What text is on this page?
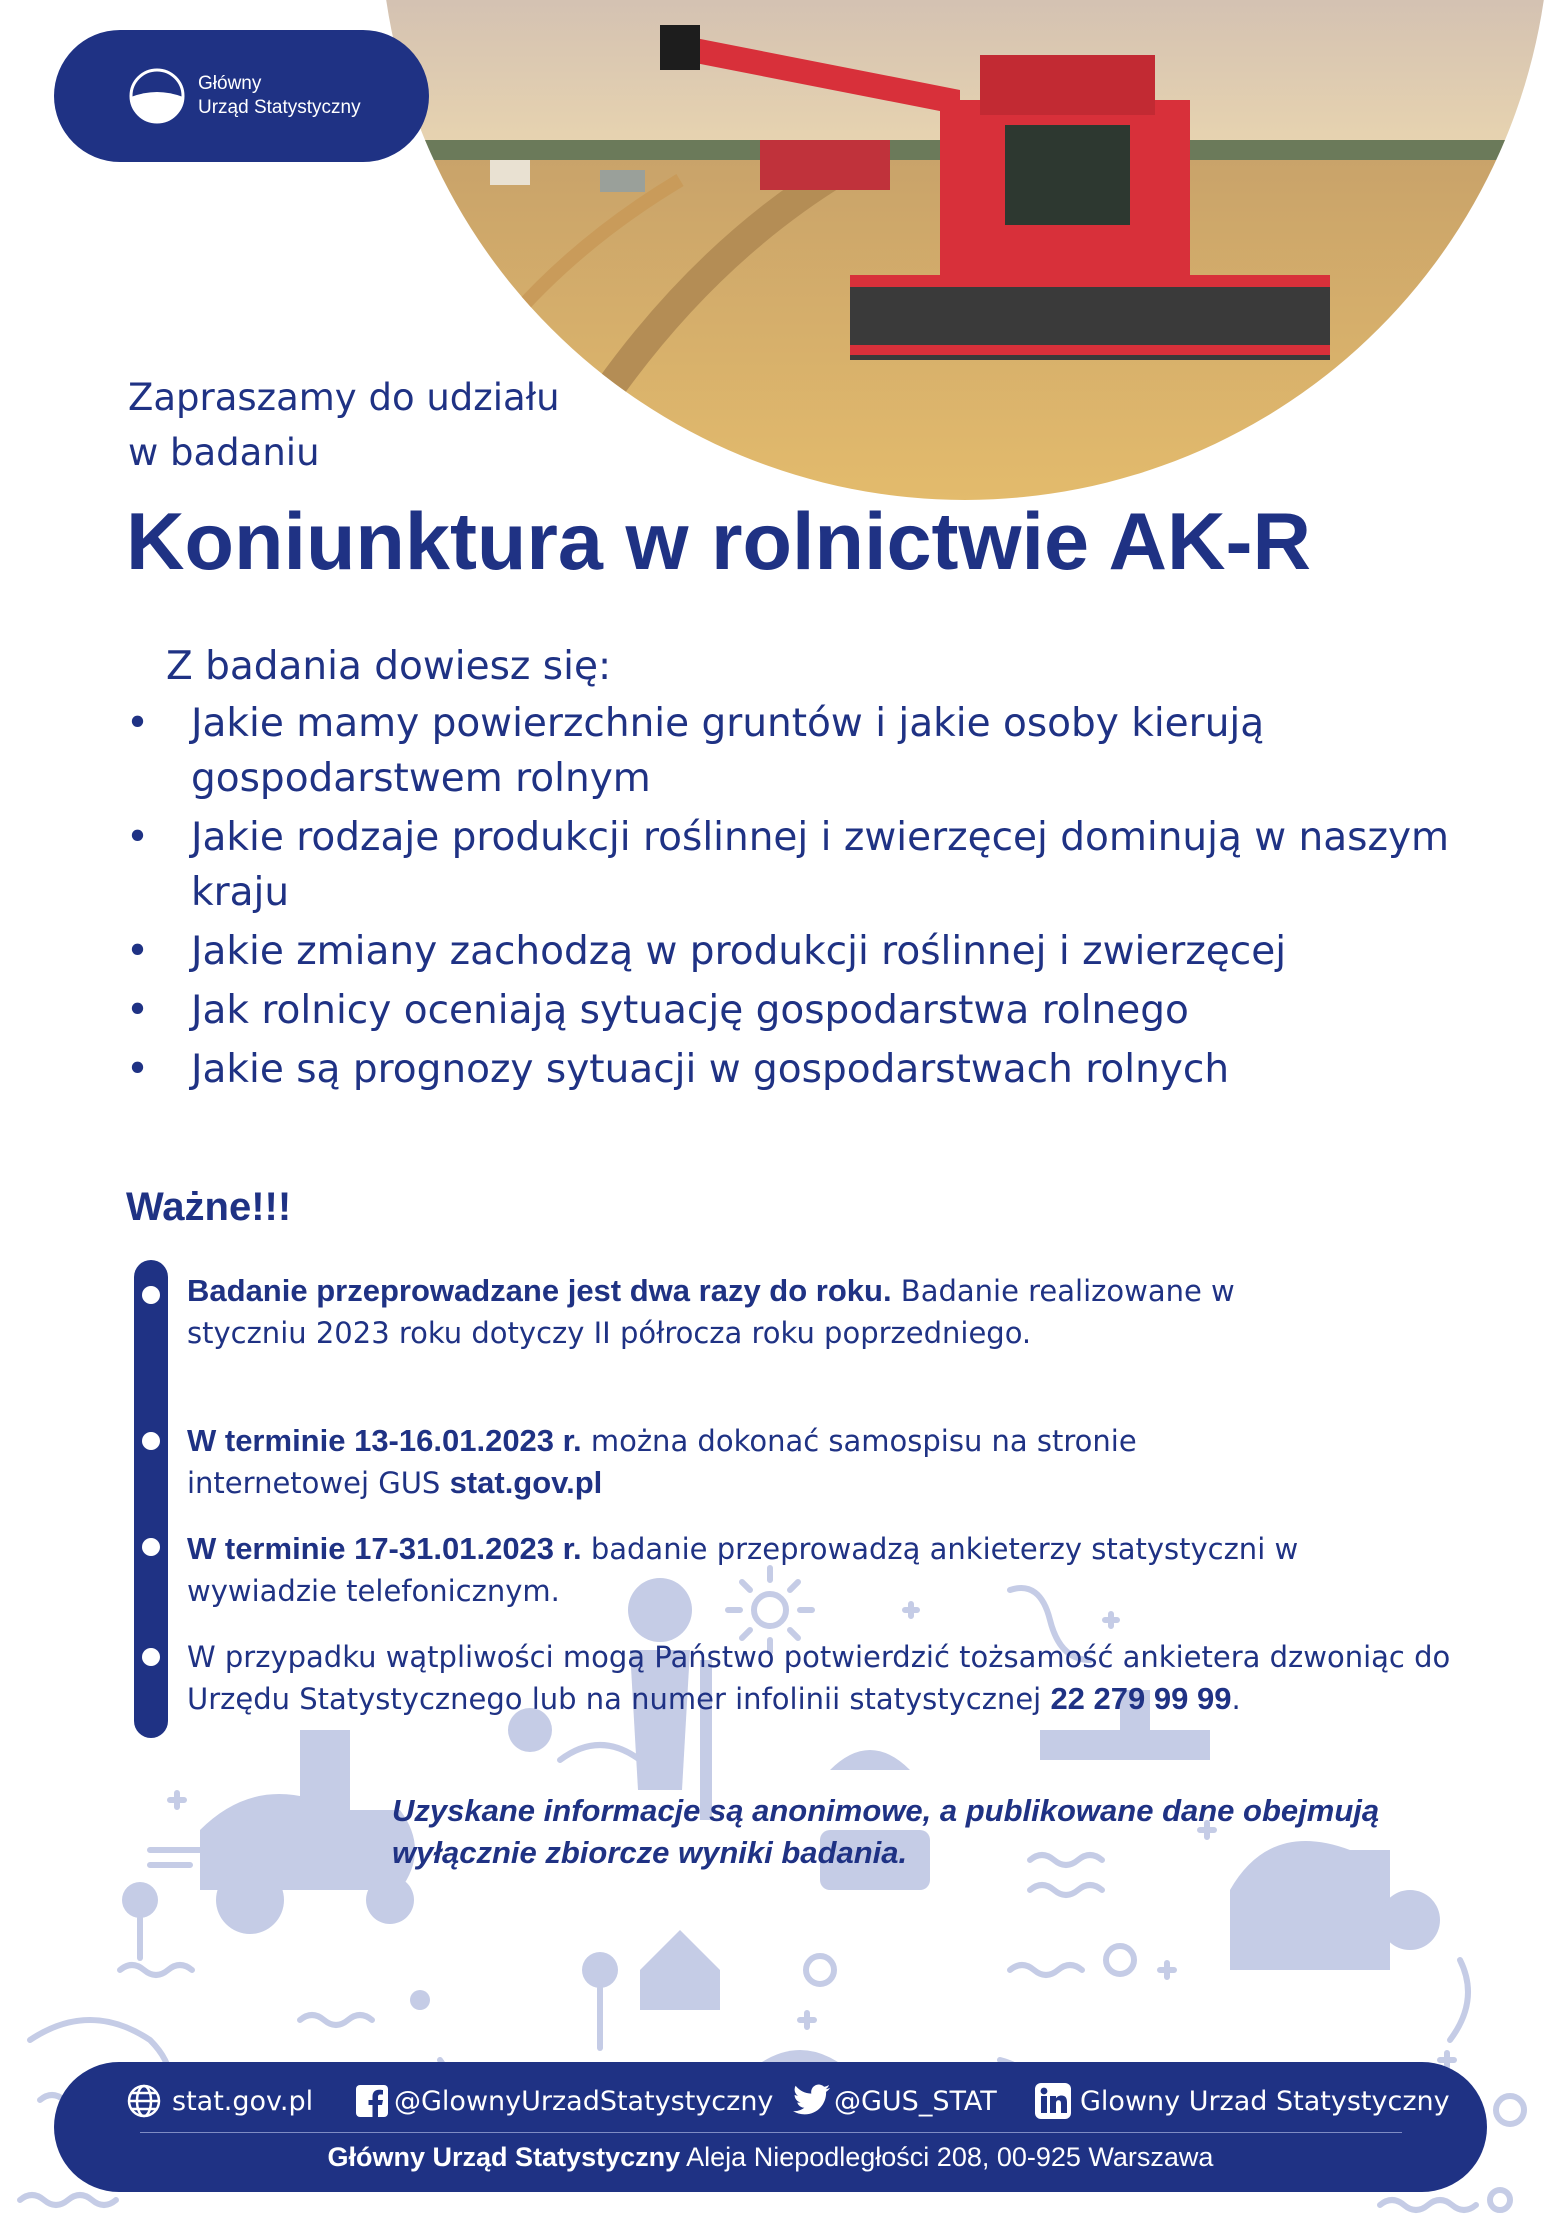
Główny
Urząd Statystyczny
Zapraszamy do udziału
w badaniu
Koniunktura w rolnictwie AK-R
Z badania dowiesz się:
• Jakie mamy powierzchnie gruntów i jakie osoby kierują gospodarstwem rolnym
• Jakie rodzaje produkcji roślinnej i zwierzęcej dominują w naszym kraju
• Jakie zmiany zachodzą w produkcji roślinnej i zwierzęcej
• Jak rolnicy oceniają sytuację gospodarstwa rolnego
• Jakie są prognozy sytuacji w gospodarstwach rolnych
Ważne!!!
Badanie przeprowadzane jest dwa razy do roku. Badanie realizowane w styczniu 2023 roku dotyczy II półrocza roku poprzedniego.
W terminie 13-16.01.2023 r. można dokonać samospisu na stronie internetowej GUS stat.gov.pl
W terminie 17-31.01.2023 r. badanie przeprowadzą ankieterzy statystyczni w wywiadzie telefonicznym.
W przypadku wątpliwości mogą Państwo potwierdzić tożsamość ankietera dzwoniąc do Urzędu Statystycznego lub na numer infolinii statystycznej 22 279 99 99.
Uzyskane informacje są anonimowe, a publikowane dane obejmują wyłącznie zbiorcze wyniki badania.
stat.gov.pl	@GlownyUrzadStatystyczny @GUS_STAT	Glowny Urzad Statystyczny
Główny Urząd Statystyczny Aleja Niepodległości 208, 00-925 Warszawa
